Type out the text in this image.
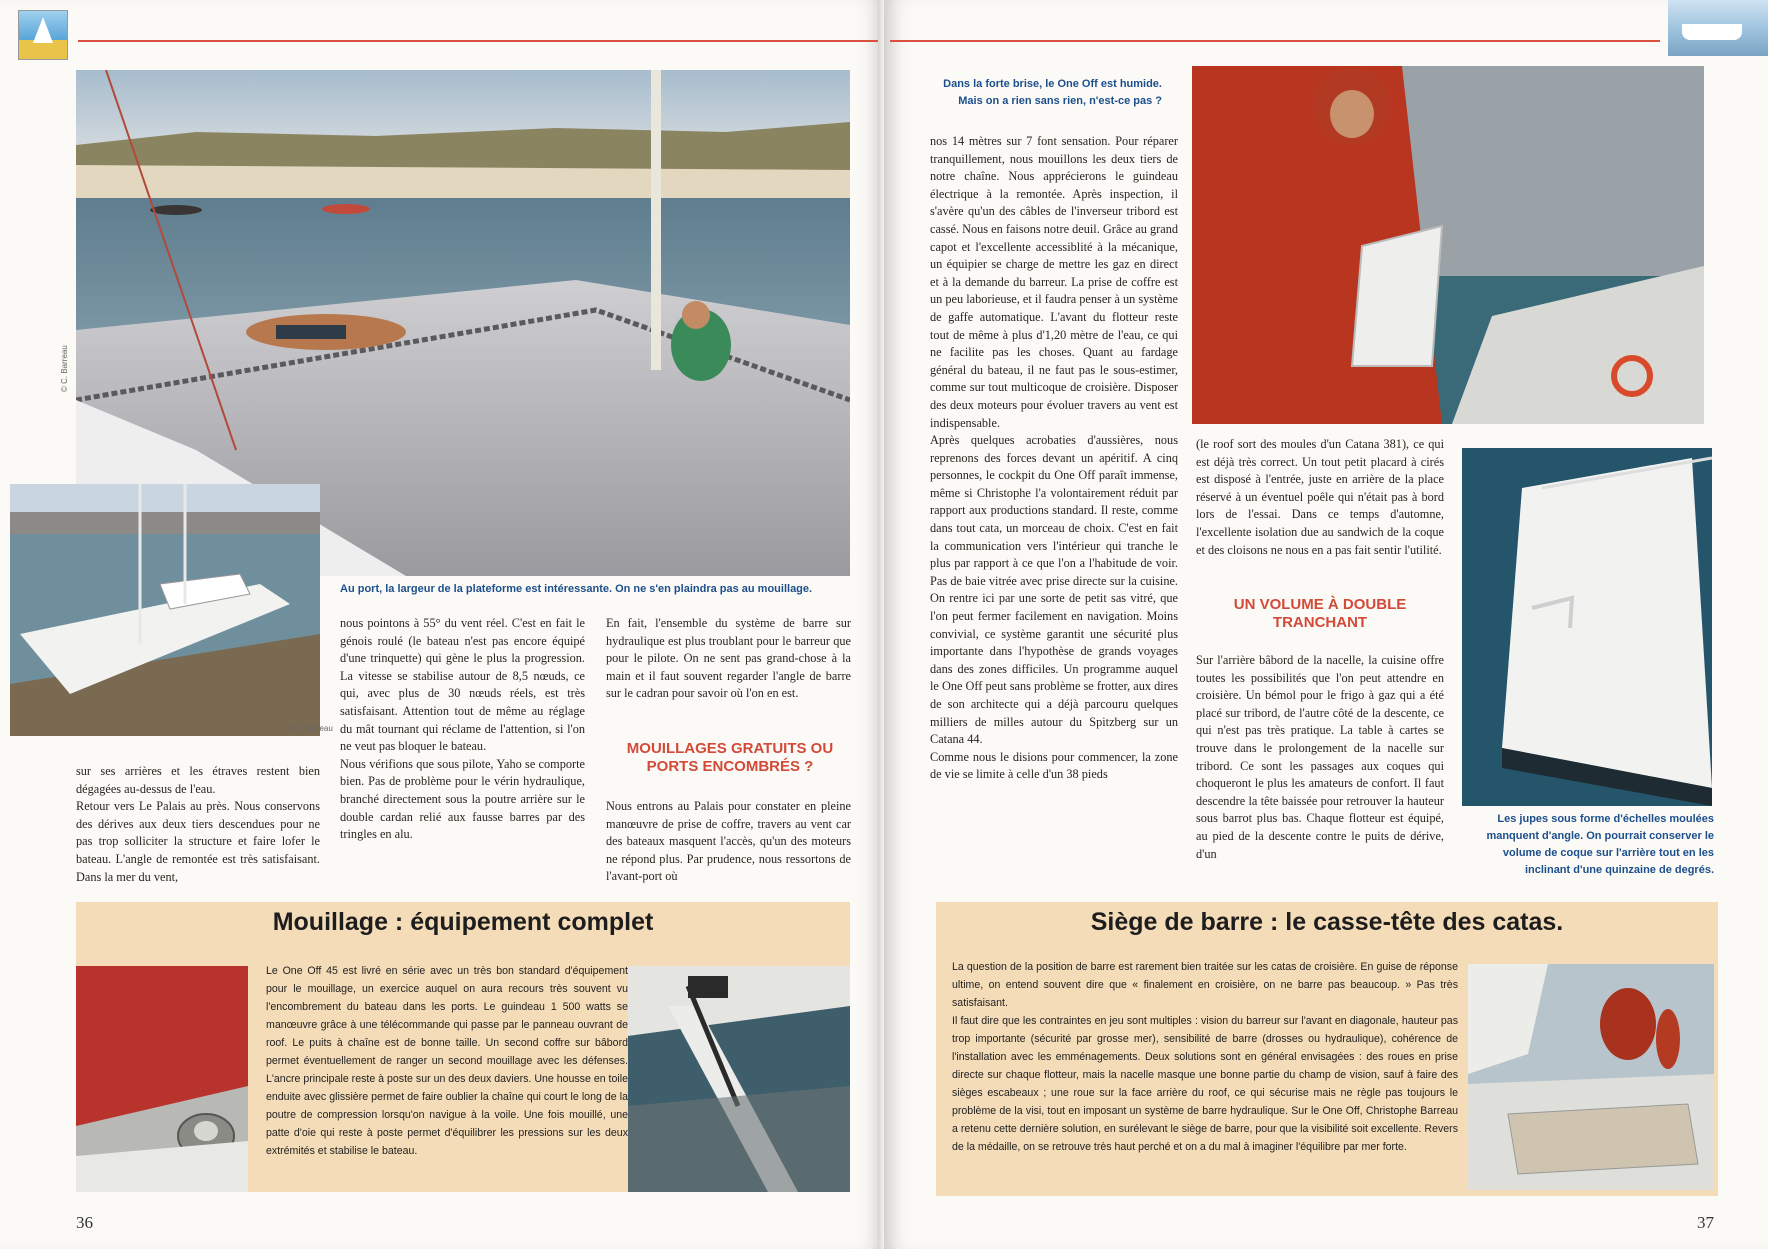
© C. Barreau
© C. Barreau
Au port, la largeur de la plateforme est intéressante. On ne s'en plaindra pas au mouillage.
sur ses arrières et les étraves restent bien dégagées au-dessus de l'eau.
Retour vers Le Palais au près. Nous conservons des dérives aux deux tiers descendues pour ne pas trop solliciter la structure et faire lofer le bateau. L'angle de remontée est très satisfaisant. Dans la mer du vent,
nous pointons à 55° du vent réel. C'est en fait le génois roulé (le bateau n'est pas encore équipé d'une trinquette) qui gène le plus la progression. La vitesse se stabilise autour de 8,5 nœuds, ce qui, avec plus de 30 nœuds réels, est très satisfaisant. Attention tout de même au réglage du mât tournant qui réclame de l'attention, si l'on ne veut pas bloquer le bateau.
Nous vérifions que sous pilote, Yaho se comporte bien. Pas de problème pour le vérin hydraulique, branché directement sous la poutre arrière sur le double cardan relié aux fausse barres par des tringles en alu.
En fait, l'ensemble du système de barre sur hydraulique est plus troublant pour le barreur que pour le pilote. On ne sent pas grand-chose à la main et il faut souvent regarder l'angle de barre sur le cadran pour savoir où l'on en est.
MOUILLAGES GRATUITS OU PORTS ENCOMBRÉS ?
Nous entrons au Palais pour constater en pleine manœuvre de prise de coffre, travers au vent car des bateaux masquent l'accès, qu'un des moteurs ne répond plus. Par prudence, nous ressortons de l'avant-port où
Mouillage : équipement complet
Le One Off 45 est livré en série avec un très bon standard d'équipement pour le mouillage, un exercice auquel on aura recours très souvent vu l'encombrement du bateau dans les ports. Le guindeau 1 500 watts se manœuvre grâce à une télécommande qui passe par le panneau ouvrant de roof. Le puits à chaîne est de bonne taille. Un second coffre sur bâbord permet éventuellement de ranger un second mouillage avec les défenses. L'ancre principale reste à poste sur un des deux daviers. Une housse en toile enduite avec glissière permet de faire oublier la chaîne qui court le long de la poutre de compression lorsqu'on navigue à la voile. Une fois mouillé, une patte d'oie qui reste à poste permet d'équilibrer les pressions sur les deux extrémités et stabilise le bateau.
36
Dans la forte brise, le One Off est humide. Mais on a rien sans rien, n'est-ce pas ?
nos 14 mètres sur 7 font sensation. Pour réparer tranquillement, nous mouillons les deux tiers de notre chaîne. Nous apprécierons le guindeau électrique à la remontée. Après inspection, il s'avère qu'un des câbles de l'inverseur tribord est cassé. Nous en faisons notre deuil. Grâce au grand capot et l'excellente accessiblité à la mécanique, un équipier se charge de mettre les gaz en direct et à la demande du barreur. La prise de coffre est un peu laborieuse, et il faudra penser à un système de gaffe automatique. L'avant du flotteur reste tout de même à plus d'1,20 mètre de l'eau, ce qui ne facilite pas les choses. Quant au fardage général du bateau, il ne faut pas le sous-estimer, comme sur tout multicoque de croisière. Disposer des deux moteurs pour évoluer travers au vent est indispensable.
Après quelques acrobaties d'aussières, nous reprenons des forces devant un apéritif. A cinq personnes, le cockpit du One Off paraît immense, même si Christophe l'a volontairement réduit par rapport aux productions standard. Il reste, comme dans tout cata, un morceau de choix. C'est en fait la communication vers l'intérieur qui tranche le plus par rapport à ce que l'on a l'habitude de voir. Pas de baie vitrée avec prise directe sur la cuisine. On rentre ici par une sorte de petit sas vitré, que l'on peut fermer facilement en navigation. Moins convivial, ce système garantit une sécurité plus importante dans l'hypothèse de grands voyages dans des zones difficiles. Un programme auquel le One Off peut sans problème se frotter, aux dires de son architecte qui a déjà parcouru quelques milliers de milles autour du Spitzberg sur un Catana 44.
Comme nous le disions pour commencer, la zone de vie se limite à celle d'un 38 pieds
(le roof sort des moules d'un Catana 381), ce qui est déjà très correct. Un tout petit placard à cirés est disposé à l'entrée, juste en arrière de la place réservé à un éventuel poêle qui n'était pas à bord lors de l'essai. Dans ce temps d'automne, l'excellente isolation due au sandwich de la coque et des cloisons ne nous en a pas fait sentir l'utilité.
UN VOLUME À DOUBLE TRANCHANT
Sur l'arrière bâbord de la nacelle, la cuisine offre toutes les possibilités que l'on peut attendre en croisière. Un bémol pour le frigo à gaz qui a été placé sur tribord, de l'autre côté de la descente, ce qui n'est pas très pratique. La table à cartes se trouve dans le prolongement de la nacelle sur tribord. Ce sont les passages aux coques qui choqueront le plus les amateurs de confort. Il faut descendre la tête baissée pour retrouver la hauteur sous barrot plus bas. Chaque flotteur est équipé, au pied de la descente contre le puits de dérive, d'un
Les jupes sous forme d'échelles moulées manquent d'angle. On pourrait conserver le volume de coque sur l'arrière tout en les inclinant d'une quinzaine de degrés.
Siège de barre : le casse-tête des catas.
La question de la position de barre est rarement bien traitée sur les catas de croisière. En guise de réponse ultime, on entend souvent dire que « finalement en croisière, on ne barre pas beaucoup. » Pas très satisfaisant.
Il faut dire que les contraintes en jeu sont multiples : vision du barreur sur l'avant en diagonale, hauteur pas trop importante (sécurité par grosse mer), sensibilité de barre (drosses ou hydraulique), cohérence de l'installation avec les emménagements. Deux solutions sont en général envisagées : des roues en prise directe sur chaque flotteur, mais la nacelle masque une bonne partie du champ de vision, sauf à faire des sièges escabeaux ; une roue sur la face arrière du roof, ce qui sécurise mais ne règle pas toujours le problème de la visi, tout en imposant un système de barre hydraulique. Sur le One Off, Christophe Barreau a retenu cette dernière solution, en surélevant le siège de barre, pour que la visibilité soit excellente. Revers de la médaille, on se retrouve très haut perché et on a du mal à imaginer l'équilibre par mer forte.
37
